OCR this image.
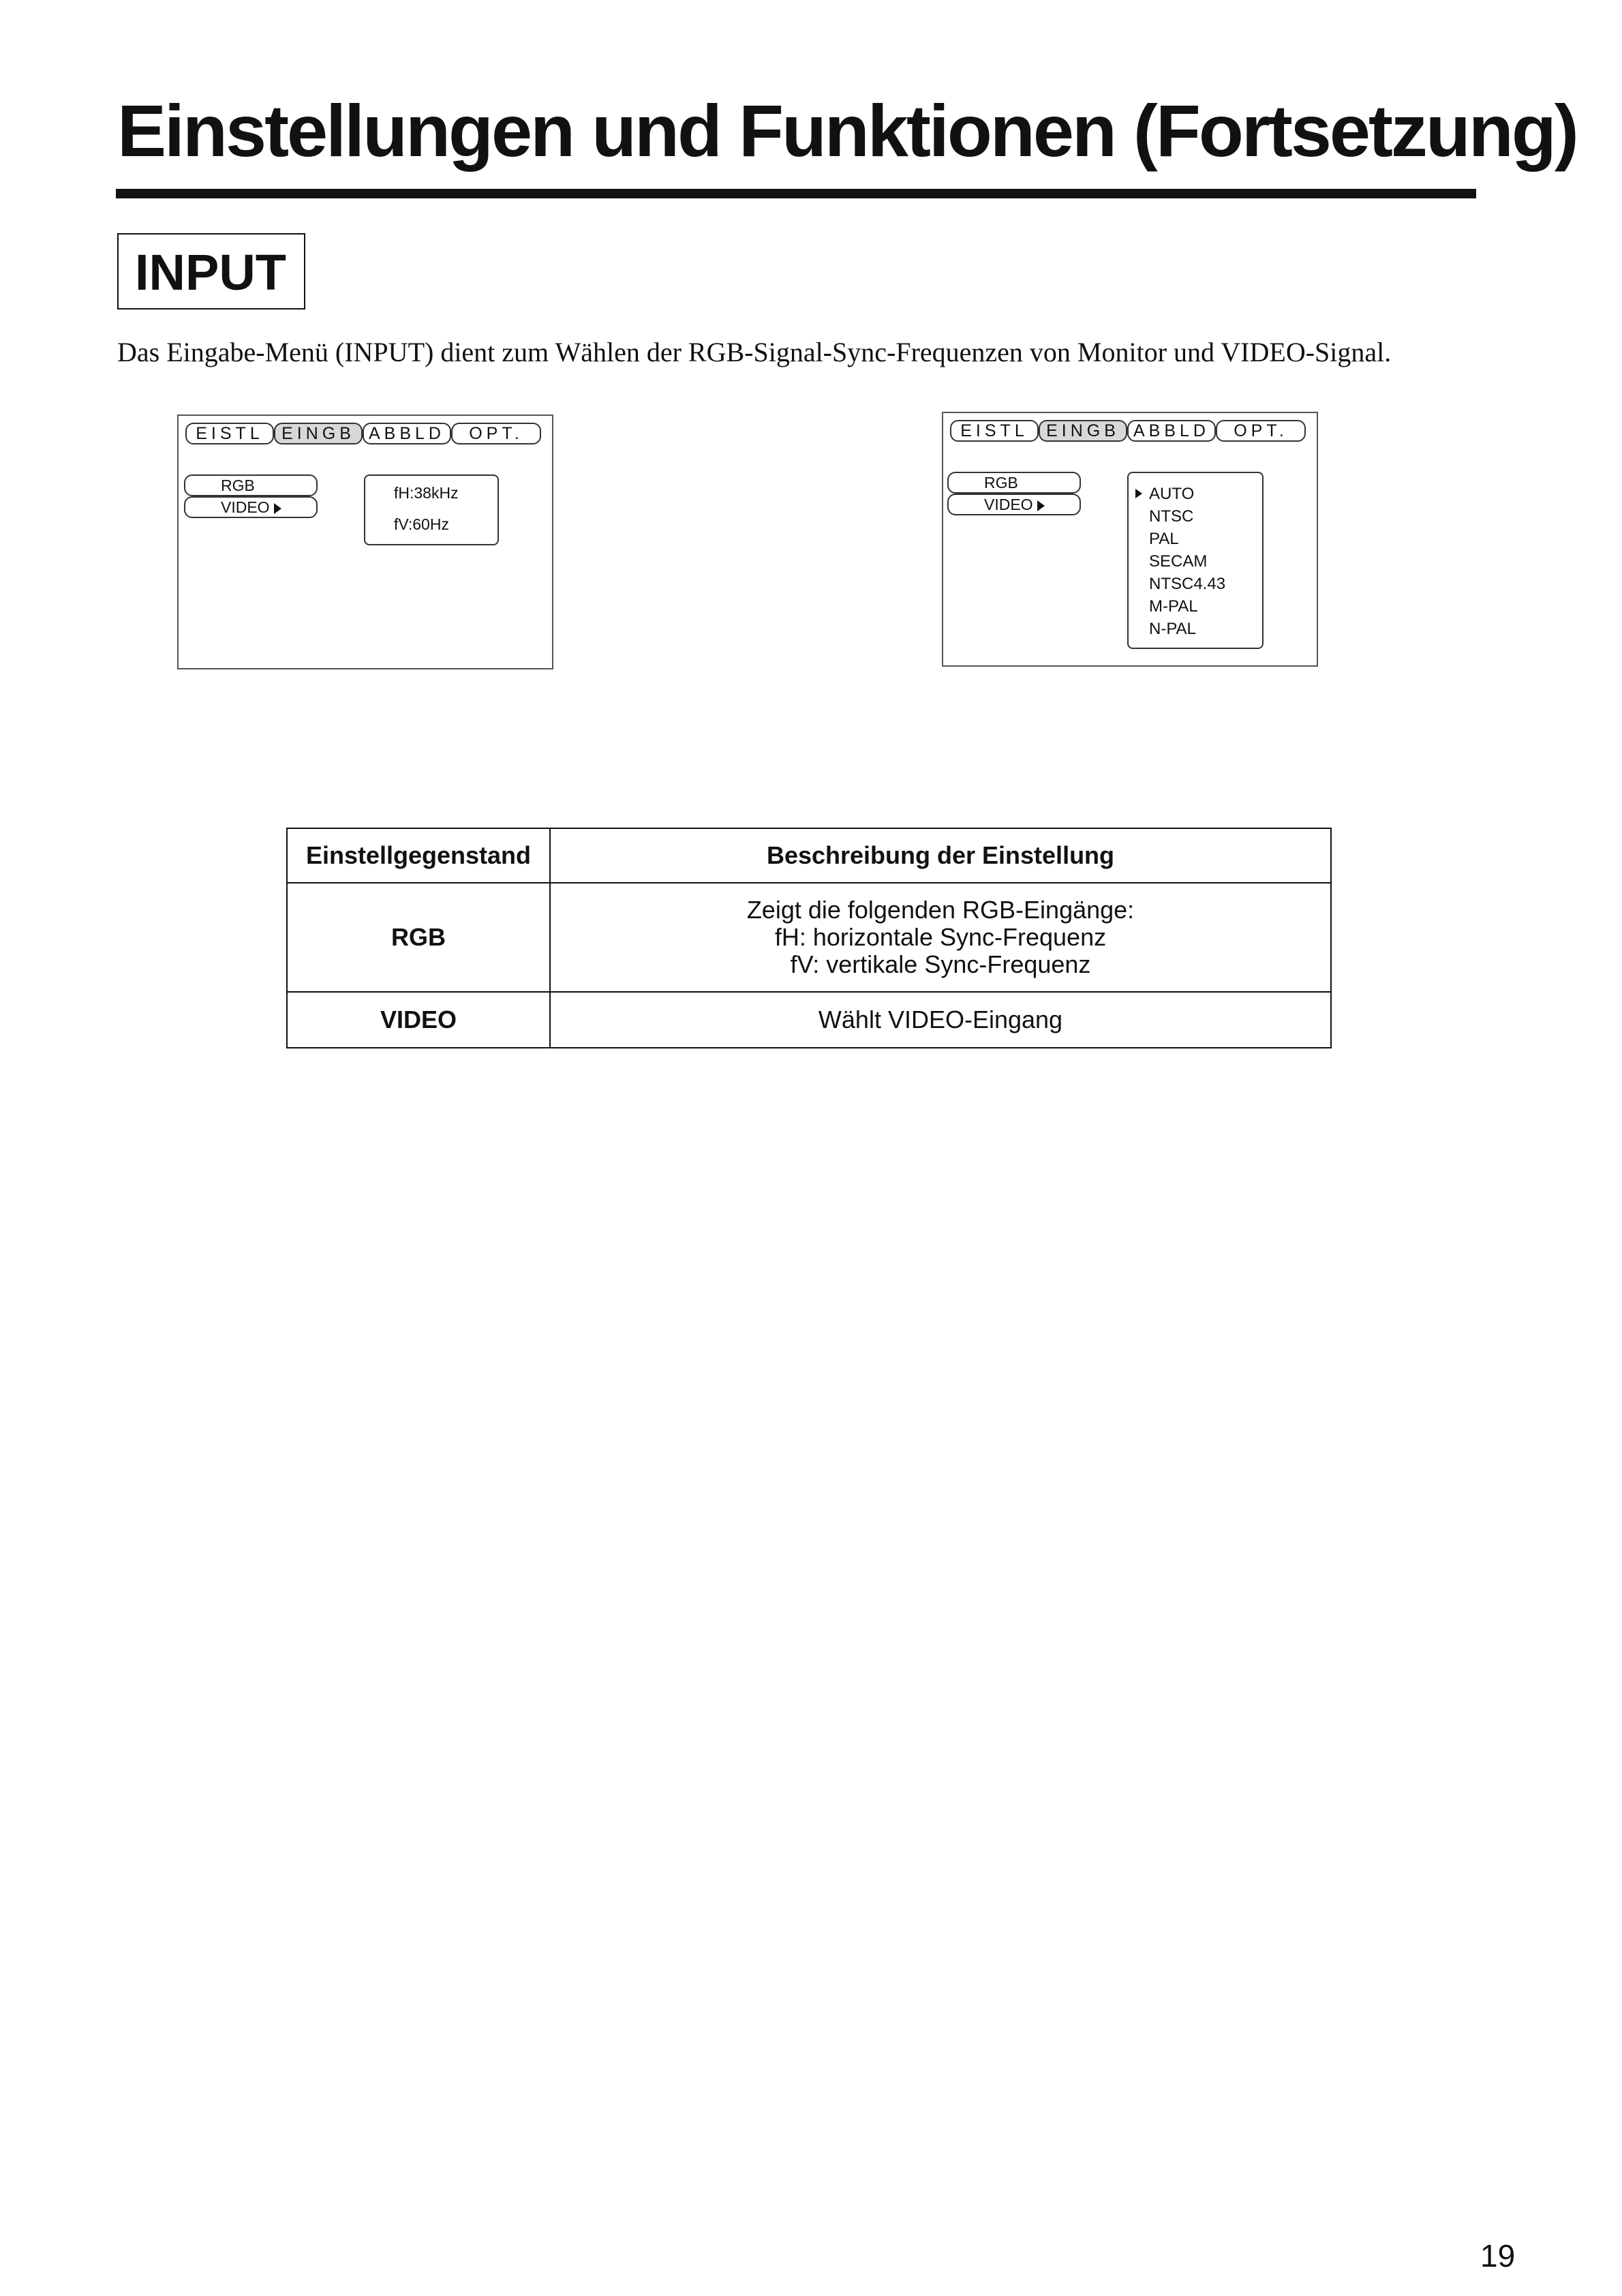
Einstellungen und Funktionen (Fortsetzung)
INPUT
Das Eingabe-Menü (INPUT) dient zum Wählen der RGB-Signal-Sync-Frequenzen von Monitor und VIDEO-Signal.
EISTL	EINGB ABBLD	OPT.
RGB
VIDEO
fH:38kHz
fV:60Hz
EISTL	EINGB ABBLD	OPT.
RGB
VIDEO
AUTO
NTSC
PAL
SECAM
NTSC4.43
M-PAL
N-PAL
Einstellgegenstand	Beschreibung der Einstellung
RGB	Zeigt die folgenden RGB-Eingänge:
fH: horizontale Sync-Frequenz
fV: vertikale Sync-Frequenz

VIDEO	Wählt VIDEO-Eingang
19
